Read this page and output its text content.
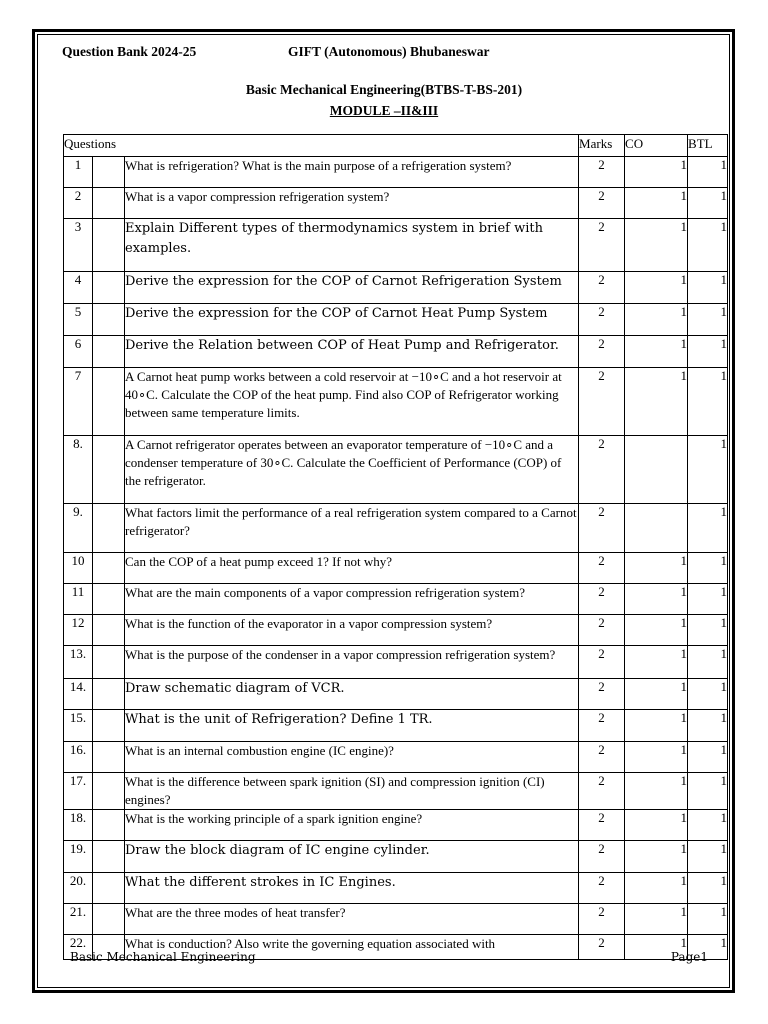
Question Bank 2024-25	GIFT (Autonomous) Bhubaneswar
Basic Mechanical Engineering(BTBS-T-BS-201)
MODULE –II&III
Questions			Marks	CO	BTL
1		What is refrigeration? What is the main purpose of a refrigeration system?	2	1	1
2		What is a vapor compression refrigeration system?	2	1	1
3		Explain Different types of thermodynamics system in brief with examples.	2	1	1
4		Derive the expression for the COP of Carnot Refrigeration System	2	1	1
5		Derive the expression for the COP of Carnot Heat Pump System	2	1	1
6		Derive the Relation between COP of Heat Pump and Refrigerator.	2	1	1
7		A Carnot heat pump works between a cold reservoir at −10∘C and a hot reservoir at 40∘C. Calculate the COP of the heat pump. Find also COP of Refrigerator working between same temperature limits.	2	1	1
8.		A Carnot refrigerator operates between an evaporator temperature of −10∘C and a condenser temperature of 30∘C. Calculate the Coefficient of Performance (COP) of the refrigerator.	2		1
9.		What factors limit the performance of a real refrigeration system compared to a Carnot refrigerator?	2		1
10		Can the COP of a heat pump exceed 1? If not why?	2	1	1
11		What are the main components of a vapor compression refrigeration system?	2	1	1
12		What is the function of the evaporator in a vapor compression system?	2	1	1
13.		What is the purpose of the condenser in a vapor compression refrigeration system?	2	1	1
14.		Draw schematic diagram of VCR.	2	1	1
15.		What is the unit of Refrigeration? Define 1 TR.	2	1	1
16.		What is an internal combustion engine (IC engine)?	2	1	1
17.		What is the difference between spark ignition (SI) and compression ignition (CI) engines?	2	1	1
18.		What is the working principle of a spark ignition engine?	2	1	1
19.		Draw the block diagram of IC engine cylinder.	2	1	1
20.		What the different strokes in IC Engines.	2	1	1
21.		What are the three modes of heat transfer?	2	1	1
22.		What is conduction? Also write the governing equation associated with	2	1	1
Basic Mechanical Engineering	Page1
